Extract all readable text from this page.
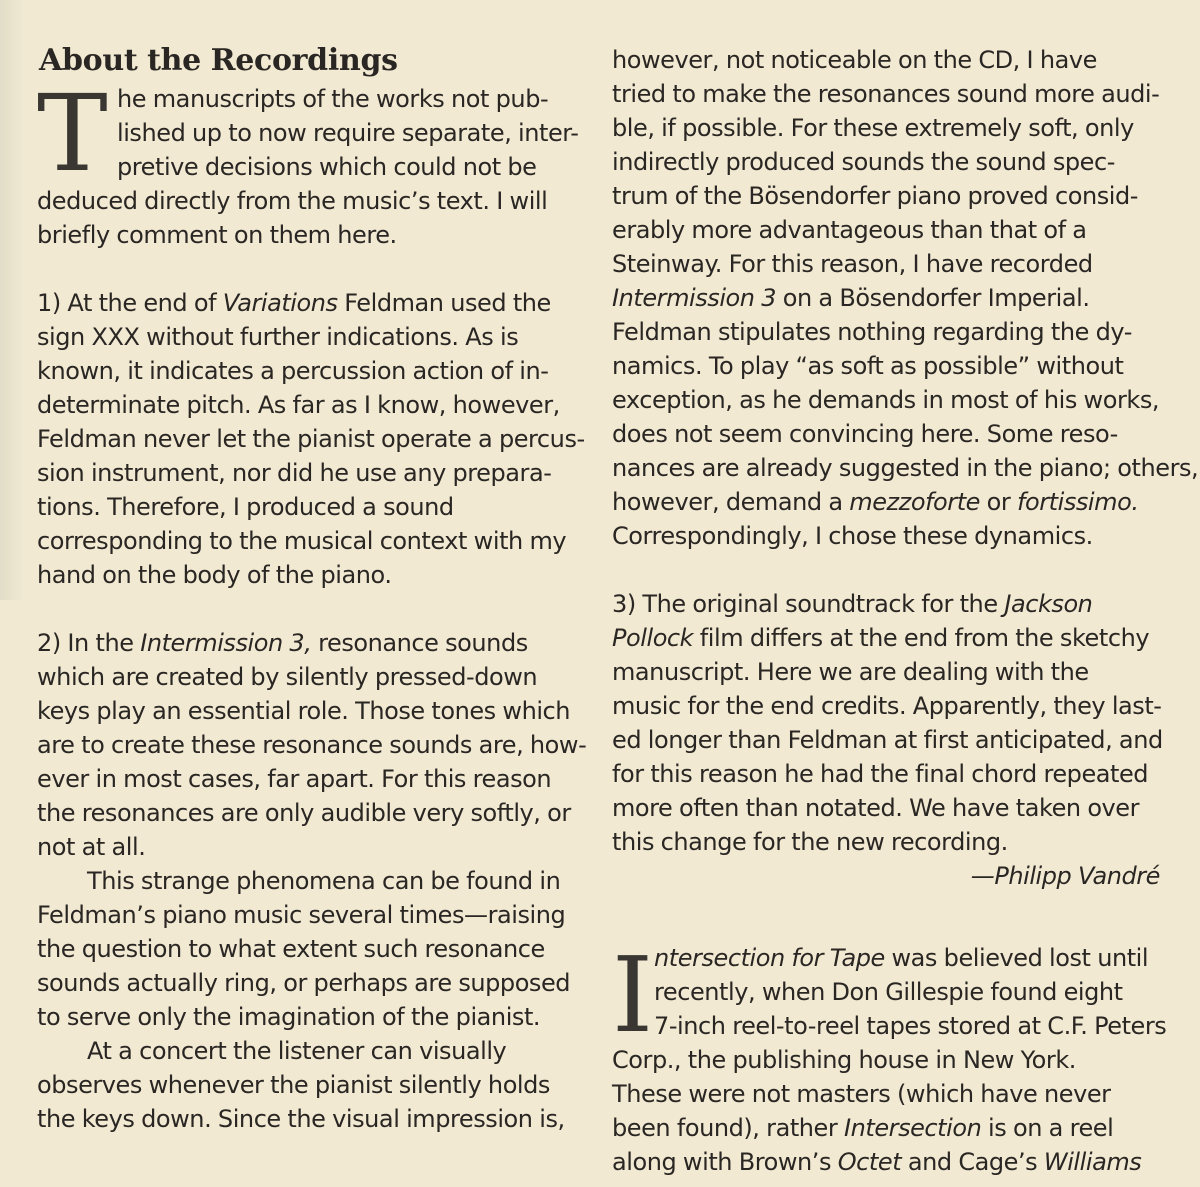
About the Recordings
T he manuscripts of the works not pub-
lished up to now require separate, inter-
pretive decisions which could not be
deduced directly from the music’s text. I will
briefly comment on them here.
1) At the end of Variations Feldman used the
sign XXX without further indications. As is
known, it indicates a percussion action of in-
determinate pitch. As far as I know, however,
Feldman never let the pianist operate a percus-
sion instrument, nor did he use any prepara-
tions. Therefore, I produced a sound
corresponding to the musical context with my
hand on the body of the piano.
2) In the Intermission 3, resonance sounds
which are created by silently pressed-down
keys play an essential role. Those tones which
are to create these resonance sounds are, how-
ever in most cases, far apart. For this reason
the resonances are only audible very softly, or
not at all.
This strange phenomena can be found in
Feldman’s piano music several times—raising
the question to what extent such resonance
sounds actually ring, or perhaps are supposed
to serve only the imagination of the pianist.
At a concert the listener can visually
observes whenever the pianist silently holds
the keys down. Since the visual impression is,
however, not noticeable on the CD, I have
tried to make the resonances sound more audi-
ble, if possible. For these extremely soft, only
indirectly produced sounds the sound spec-
trum of the Bösendorfer piano proved consid-
erably more advantageous than that of a
Steinway. For this reason, I have recorded
Intermission 3 on a Bösendorfer Imperial.
Feldman stipulates nothing regarding the dy-
namics. To play “as soft as possible” without
exception, as he demands in most of his works,
does not seem convincing here. Some reso-
nances are already suggested in the piano; others,
however, demand a mezzoforte or fortissimo.
Correspondingly, I chose these dynamics.
3) The original soundtrack for the Jackson
Pollock film differs at the end from the sketchy
manuscript. Here we are dealing with the
music for the end credits. Apparently, they last-
ed longer than Feldman at first anticipated, and
for this reason he had the final chord repeated
more often than notated. We have taken over
this change for the new recording.
—Philipp Vandré
I ntersection for Tape was believed lost until
recently, when Don Gillespie found eight
7-inch reel-to-reel tapes stored at C.F. Peters
Corp., the publishing house in New York.
These were not masters (which have never
been found), rather Intersection is on a reel
along with Brown’s Octet and Cage’s Williams
